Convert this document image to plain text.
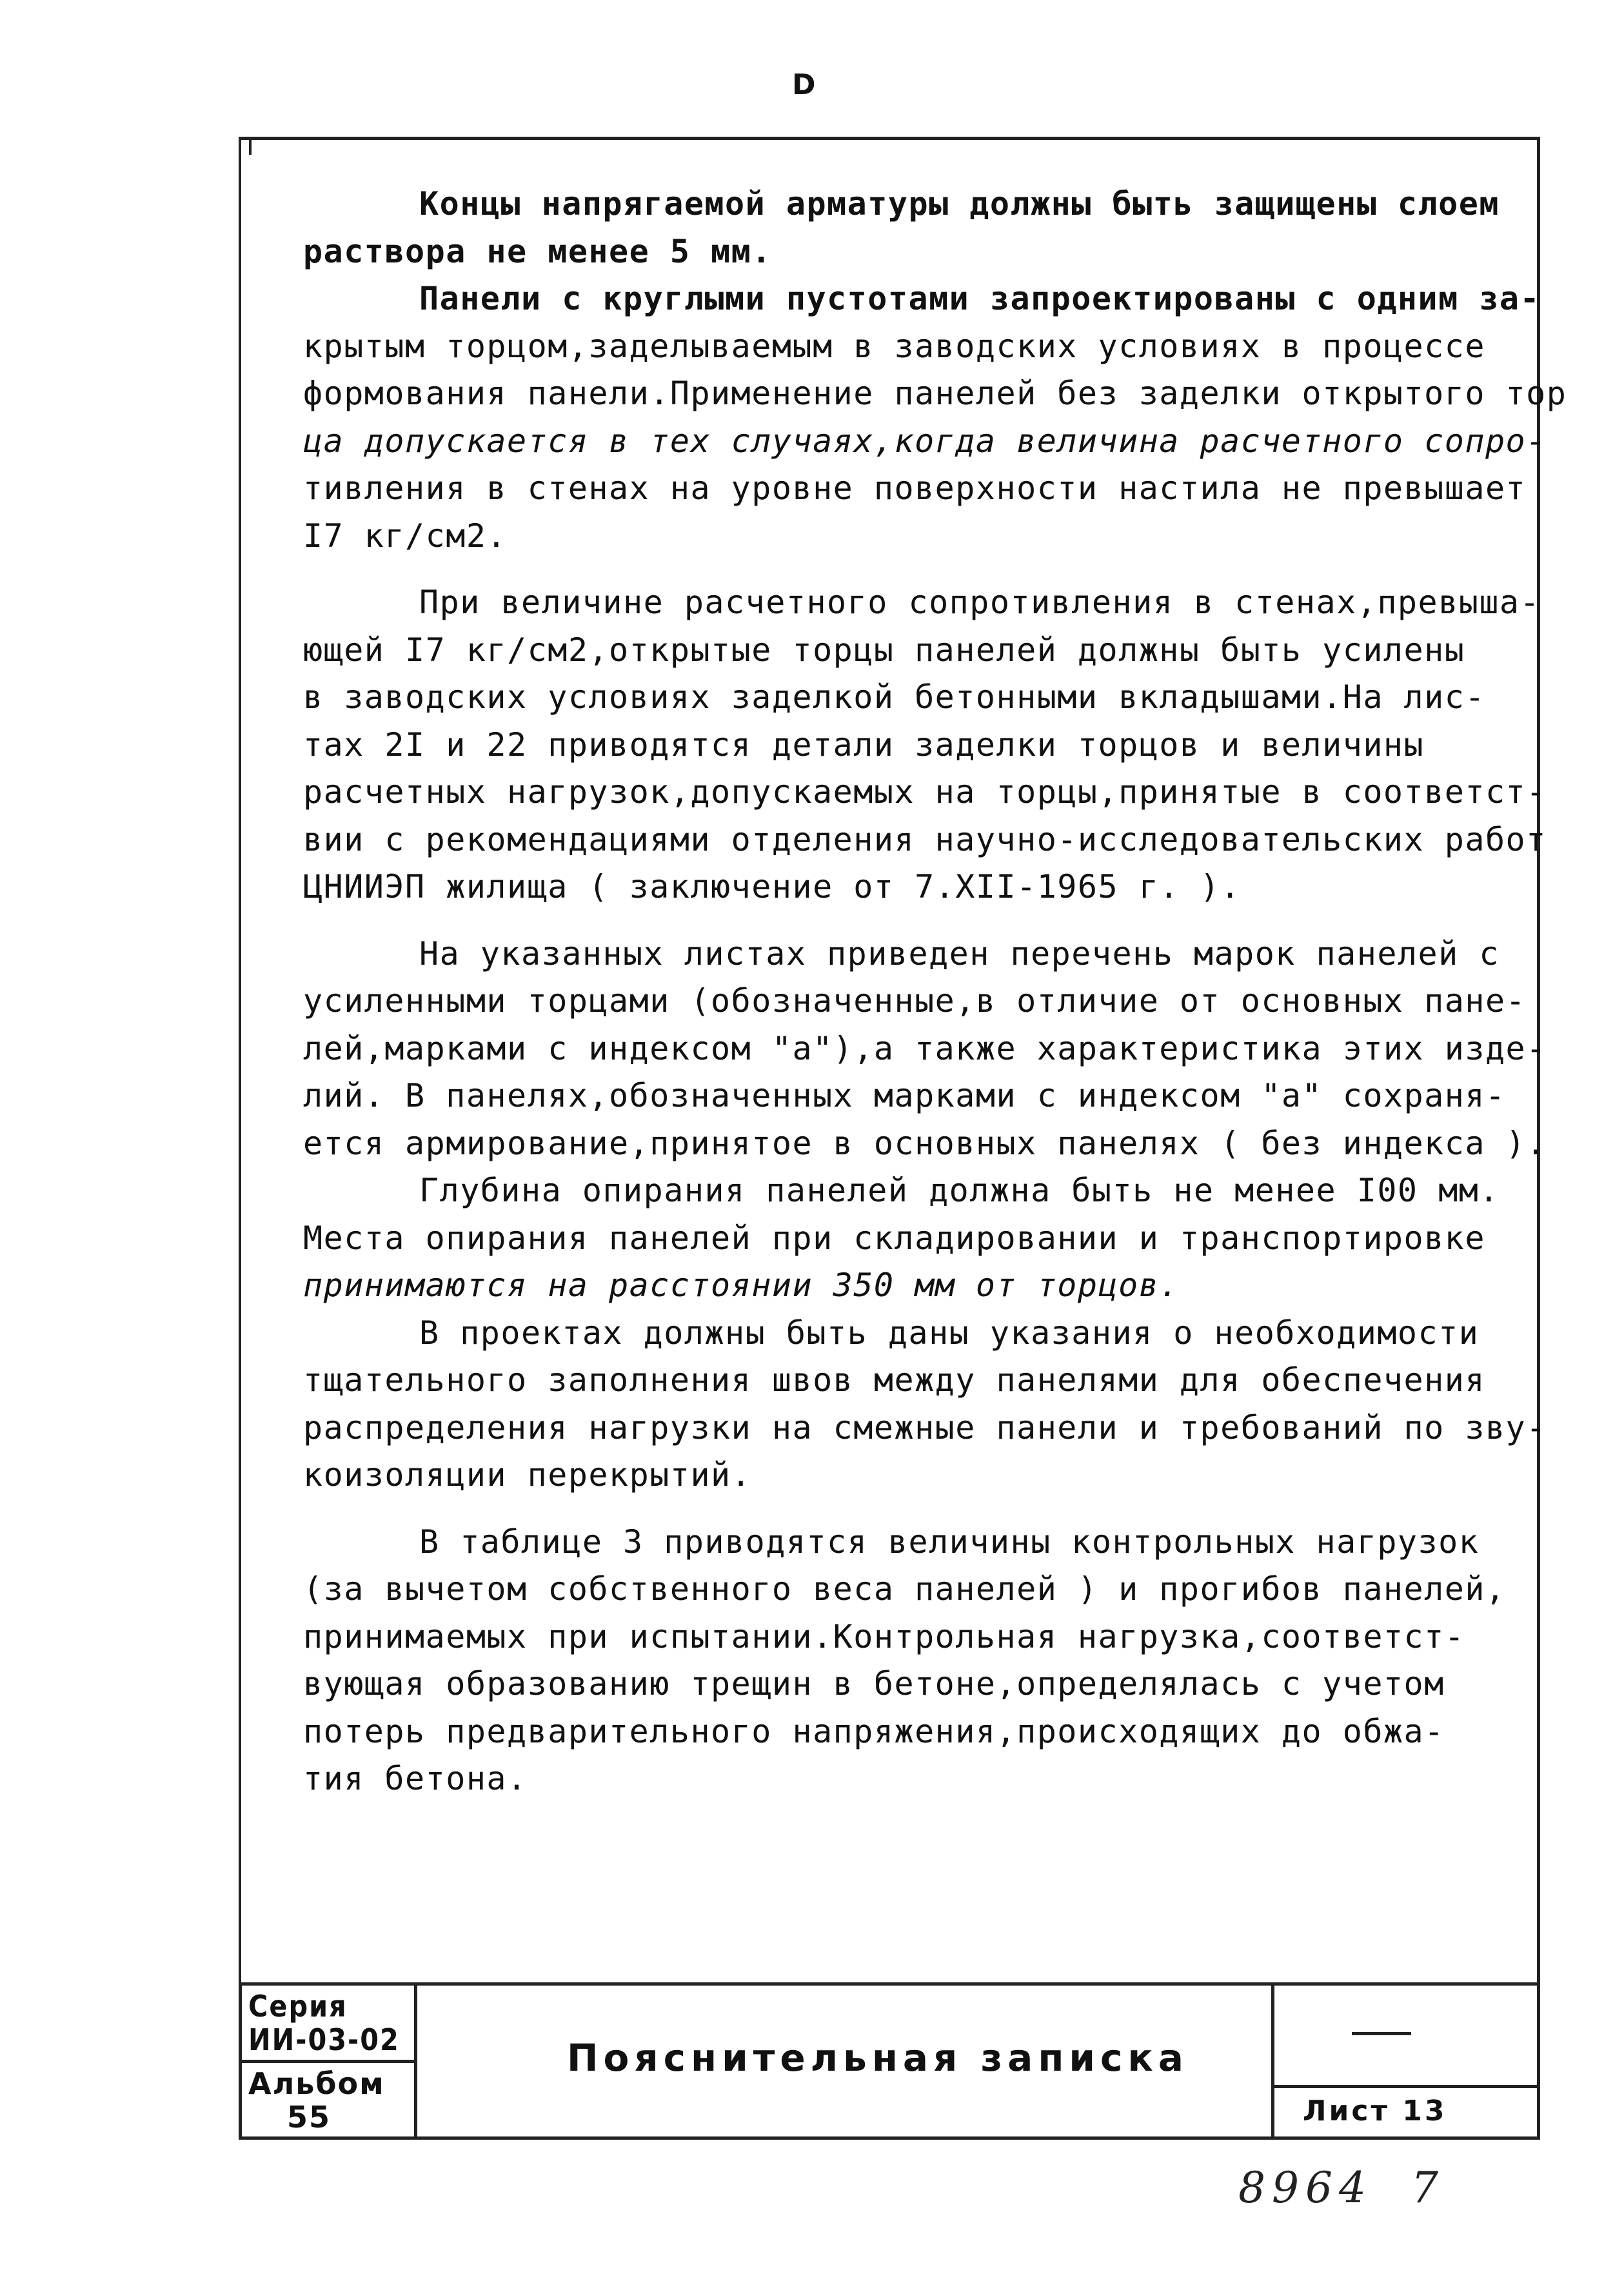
D
Концы напрягаемой арматуры должны быть защищены слоем
раствора не менее 5 мм.
Панели с круглыми пустотами запроектированы с одним за-
крытым торцом,заделываемым в заводских условиях в процессе
формования панели.Применение панелей без заделки открытого тор
ца допускается в тех случаях,когда величина расчетного сопро-
тивления в стенах на уровне поверхности настила не превышает
I7 кг/см2.
При величине расчетного сопротивления в стенах,превыша-
ющей I7 кг/см2,открытые торцы панелей должны быть усилены
в заводских условиях заделкой бетонными вкладышами.На лис-
тах 2I и 22 приводятся детали заделки торцов и величины
расчетных нагрузок,допускаемых на торцы,принятые в соответст-
вии с рекомендациями отделения научно-исследовательских работ
ЦНИИЭП жилища ( заключение от 7.XII-1965 г. ).
На указанных листах приведен перечень марок панелей с
усиленными торцами (обозначенные,в отличие от основных пане-
лей,марками с индексом "а"),а также характеристика этих изде-
лий. В панелях,обозначенных марками с индексом "а" сохраня-
ется армирование,принятое в основных панелях ( без индекса ).
Глубина опирания панелей должна быть не менее I00 мм.
Места опирания панелей при складировании и транспортировке
принимаются на расстоянии 350 мм от торцов.
В проектах должны быть даны указания о необходимости
тщательного заполнения швов между панелями для обеспечения
распределения нагрузки на смежные панели и требований по зву-
коизоляции перекрытий.
В таблице 3 приводятся величины контрольных нагрузок
(за вычетом собственного веса панелей ) и прогибов панелей,
принимаемых при испытании.Контрольная нагрузка,соответст-
вующая образованию трещин в бетоне,определялась с учетом
потерь предварительного напряжения,происходящих до обжа-
тия бетона.
Серия
ИИ-03-02
Альбом
55
Пояснительная записка
Лист 13
8964 7
